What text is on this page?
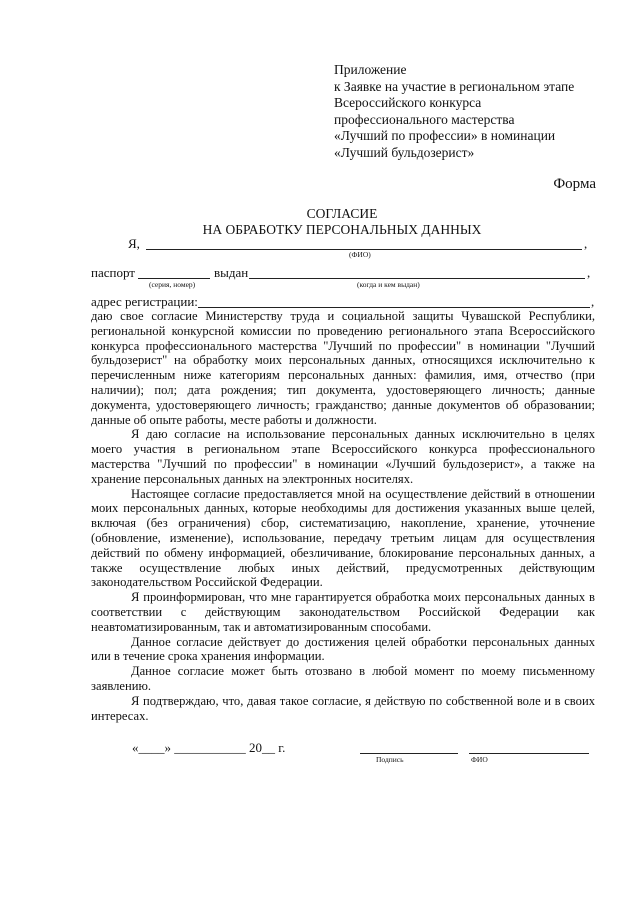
Приложение
к Заявке на участие в региональном этапе
Всероссийского конкурса
профессионального мастерства
«Лучший по профессии» в номинации
«Лучший бульдозерист»
Форма
СОГЛАСИЕ
НА ОБРАБОТКУ ПЕРСОНАЛЬНЫХ ДАННЫХ
Я,	,
(ФИО)
паспорт
(серия, номер)
выдан	,
(когда и кем выдан)
адрес регистрации:	,

даю свое согласие Министерству труда и социальной защиты Чувашской Республики, региональной конкурсной комиссии по проведению регионального этапа Всероссийского конкурса профессионального мастерства "Лучший по профессии" в номинации "Лучший бульдозерист" на обработку моих персональных данных, относящихся исключительно к перечисленным ниже категориям персональных данных: фамилия, имя, отчество (при наличии); пол; дата рождения; тип документа, удостоверяющего личность; данные документа, удостоверяющего личность; гражданство; данные документов об образовании; данные об опыте работы, месте работы и должности.

Я даю согласие на использование персональных данных исключительно в целях моего участия в региональном этапе Всероссийского конкурса профессионального мастерства "Лучший по профессии" в номинации «Лучший бульдозерист», а также на хранение персональных данных на электронных носителях.

Настоящее согласие предоставляется мной на осуществление действий в отношении моих персональных данных, которые необходимы для достижения указанных выше целей, включая (без ограничения) сбор, систематизацию, накопление, хранение, уточнение (обновление, изменение), использование, передачу третьим лицам для осуществления действий по обмену информацией, обезличивание, блокирование персональных данных, а также осуществление любых иных действий, предусмотренных действующим законодательством Российской Федерации.

Я проинформирован, что мне гарантируется обработка моих персональных данных в соответствии с действующим законодательством Российской Федерации как неавтоматизированным, так и автоматизированным способами.

Данное согласие действует до достижения целей обработки персональных данных или в течение срока хранения информации.

Данное согласие может быть отозвано в любой момент по моему письменному заявлению.

Я подтверждаю, что, давая такое согласие, я действую по собственной воле и в своих интересах.

«____» ___________ 20__ г.
Подпись	ФИО
